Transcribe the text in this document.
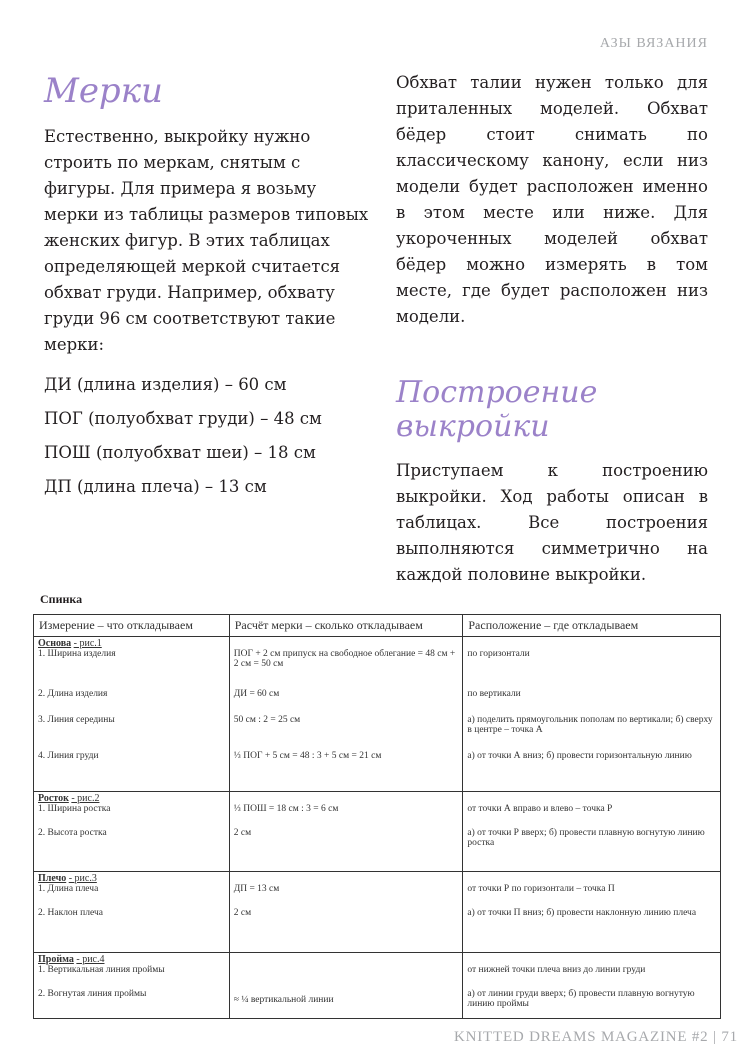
АЗЫ ВЯЗАНИЯ
Мерки

Естественно, выкройку нужно строить по меркам, снятым с фигуры. Для примера я возьму мерки из таблицы размеров типовых женских фигур. В этих таблицах определяющей меркой считается обхват груди. Например, обхвату груди 96 см соответствуют такие мерки:

ДИ (длина изделия) – 60 см
ПОГ (полуобхват груди) – 48 см
ПОШ (полуобхват шеи) – 18 см
ДП (длина плеча) – 13 см

Обхват талии нужен только для приталенных моделей. Обхват бёдер стоит снимать по классическому канону, если низ модели будет расположен именно в этом месте или ниже. Для укороченных моделей обхват бёдер можно измерять в том месте, где будет расположен низ модели.

Построение
выкройки

Приступаем к построению выкройки. Ход работы описан в таблицах. Все построения выполняются симметрично на каждой половине выкройки.

Спинка
Измерение – что откладываем	Расчёт мерки – сколько откладываем	Расположение – где откладываем
Основа - рис.1		
1. Ширина изделия	ПОГ + 2 см припуск на свободное облегание = 48 см + 2 см = 50 см	по горизонтали
2. Длина изделия	ДИ = 60 см	по вертикали
3. Линия середины	50 см : 2 = 25 см	а) поделить прямоугольник пополам по вертикали; б) сверху в центре – точка А
4. Линия груди	⅓ ПОГ + 5 см = 48 : 3 + 5 см = 21 см	а) от точки А вниз; б) провести горизонтальную линию

Росток - рис.2		
1. Ширина ростка	⅓ ПОШ = 18 см : 3 = 6 см	от точки А вправо и влево – точка Р
2. Высота ростка	2 см	а) от точки Р вверх; б) провести плавную вогнутую линию ростка

Плечо - рис.3		
1. Длина плеча	ДП = 13 см	от точки Р по горизонтали – точка П
2. Наклон плеча	2 см	а) от точки П вниз; б) провести наклонную линию плеча

Пройма - рис.4		
1. Вертикальная линия проймы		от нижней точки плеча вниз до линии груди
2. Вогнутая линия проймы	≈ ¼ вертикальной линии	а) от линии груди вверх; б) провести плавную вогнутую линию проймы
KNITTED DREAMS MAGAZINE #2 | 71
